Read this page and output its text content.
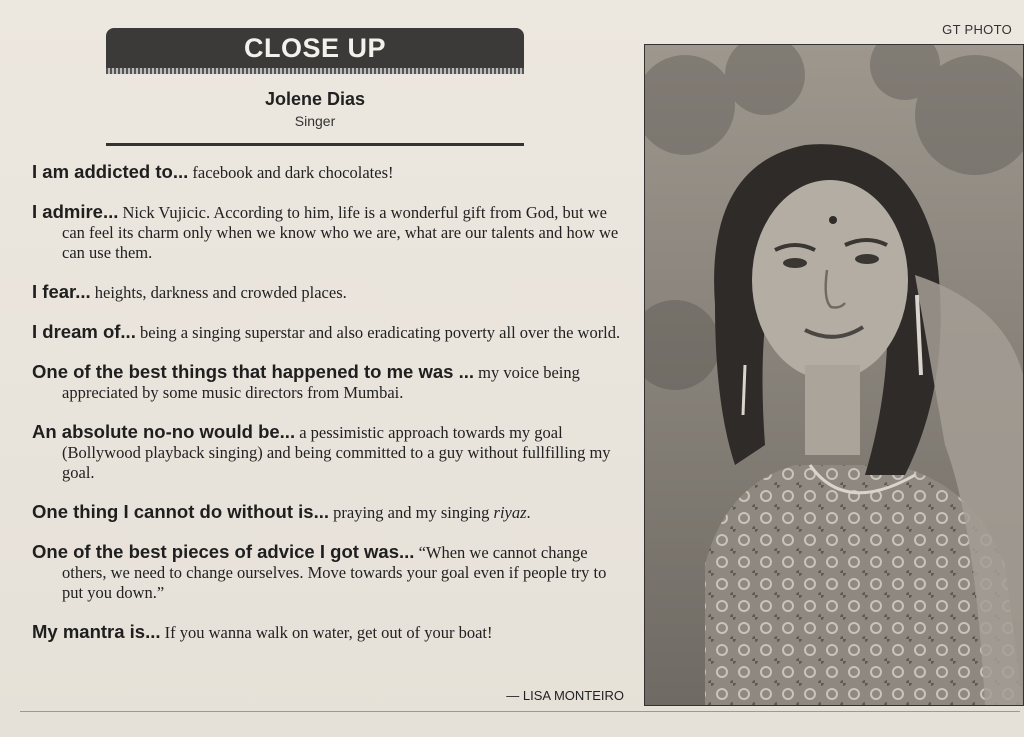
GT PHOTO
CLOSE UP
Jolene Dias
Singer
I am addicted to... facebook and dark chocolates!
I admire... Nick Vujicic. According to him, life is a wonderful gift from God, but we can feel its charm only when we know who we are, what are our talents and how we can use them.
I fear... heights, darkness and crowded places.
I dream of... being a singing superstar and also eradicating poverty all over the world.
One of the best things that happened to me was ... my voice being appreciated by some music directors from Mumbai.
An absolute no-no would be... a pessimistic approach towards my goal (Bollywood playback singing) and being committed to a guy without fullfilling my goal.
One thing I cannot do without is... praying and my singing riyaz.
One of the best pieces of advice I got was... “When we cannot change others, we need to change ourselves. Move towards your goal even if people try to put you down.”
My mantra is... If you wanna walk on water, get out of your boat!
— LISA MONTEIRO
